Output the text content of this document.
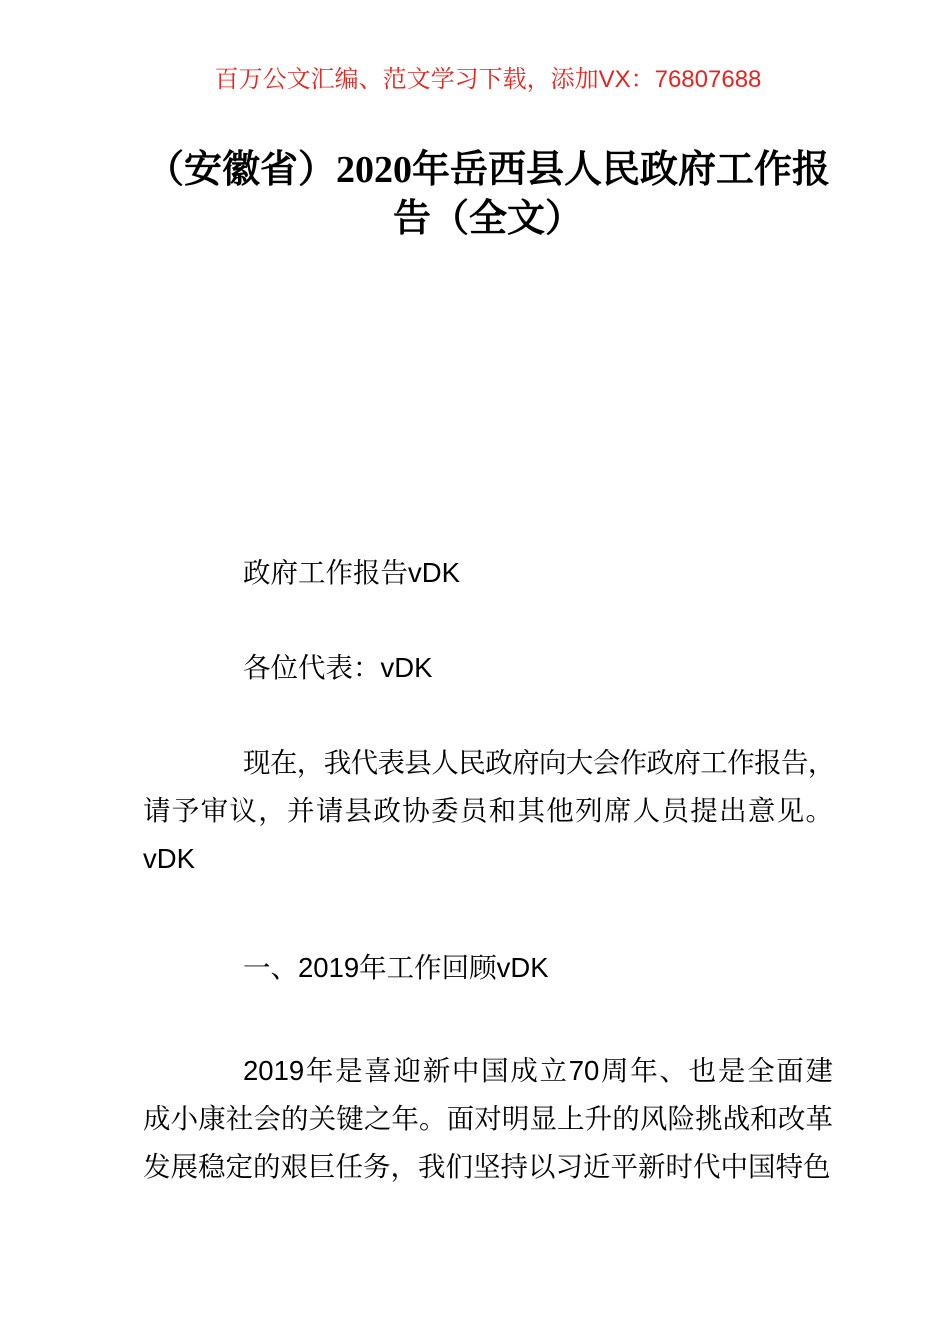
百万公文汇编、范文学习下载，添加VX：76807688
（安徽省）2020年岳西县人民政府工作报
告（全文）
政府工作报告vDK
各位代表：vDK
现在，我代表县人民政府向大会作政府工作报告，
请予审议，并请县政协委员和其他列席人员提出意见。
vDK
一、2019年工作回顾vDK
2019年是喜迎新中国成立70周年、也是全面建
成小康社会的关键之年。面对明显上升的风险挑战和改革
发展稳定的艰巨任务，我们坚持以习近平新时代中国特色
